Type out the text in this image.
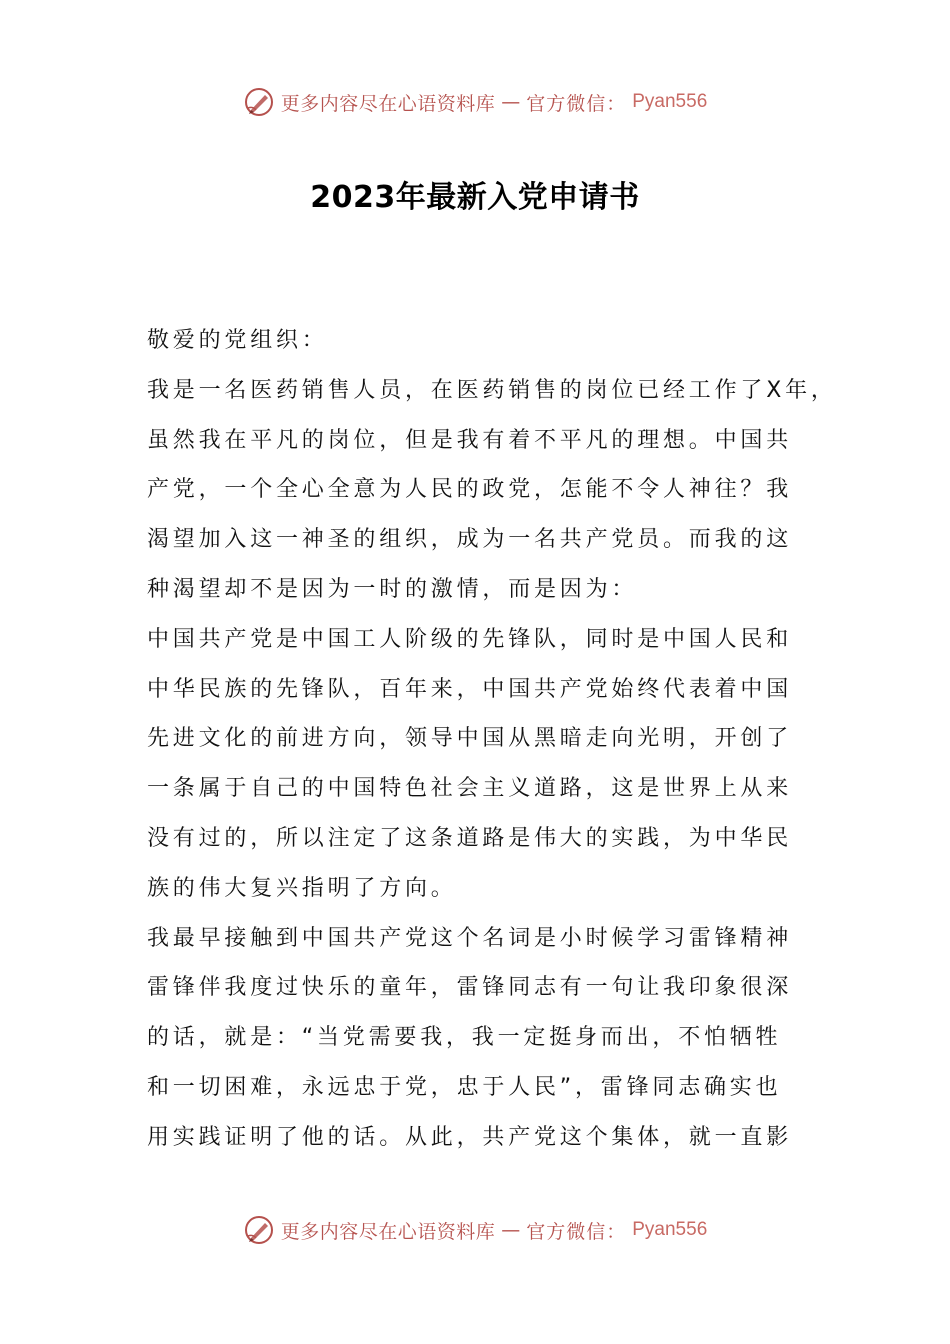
更多内容尽在心语资料库 — 官方微信： Pyan556
2023年最新入党申请书
敬爱的党组织：
我是一名医药销售人员，在医药销售的岗位已经工作了X年，
虽然我在平凡的岗位，但是我有着不平凡的理想。中国共
产党，一个全心全意为人民的政党，怎能不令人神往？我
渴望加入这一神圣的组织，成为一名共产党员。而我的这
种渴望却不是因为一时的激情，而是因为：
中国共产党是中国工人阶级的先锋队，同时是中国人民和
中华民族的先锋队，百年来，中国共产党始终代表着中国
先进文化的前进方向，领导中国从黑暗走向光明，开创了
一条属于自己的中国特色社会主义道路，这是世界上从来
没有过的，所以注定了这条道路是伟大的实践，为中华民
族的伟大复兴指明了方向。
我最早接触到中国共产党这个名词是小时候学习雷锋精神
雷锋伴我度过快乐的童年，雷锋同志有一句让我印象很深
的话，就是：“当党需要我，我一定挺身而出，不怕牺牲
和一切困难，永远忠于党，忠于人民”，雷锋同志确实也
用实践证明了他的话。从此，共产党这个集体，就一直影
更多内容尽在心语资料库 — 官方微信： Pyan556
